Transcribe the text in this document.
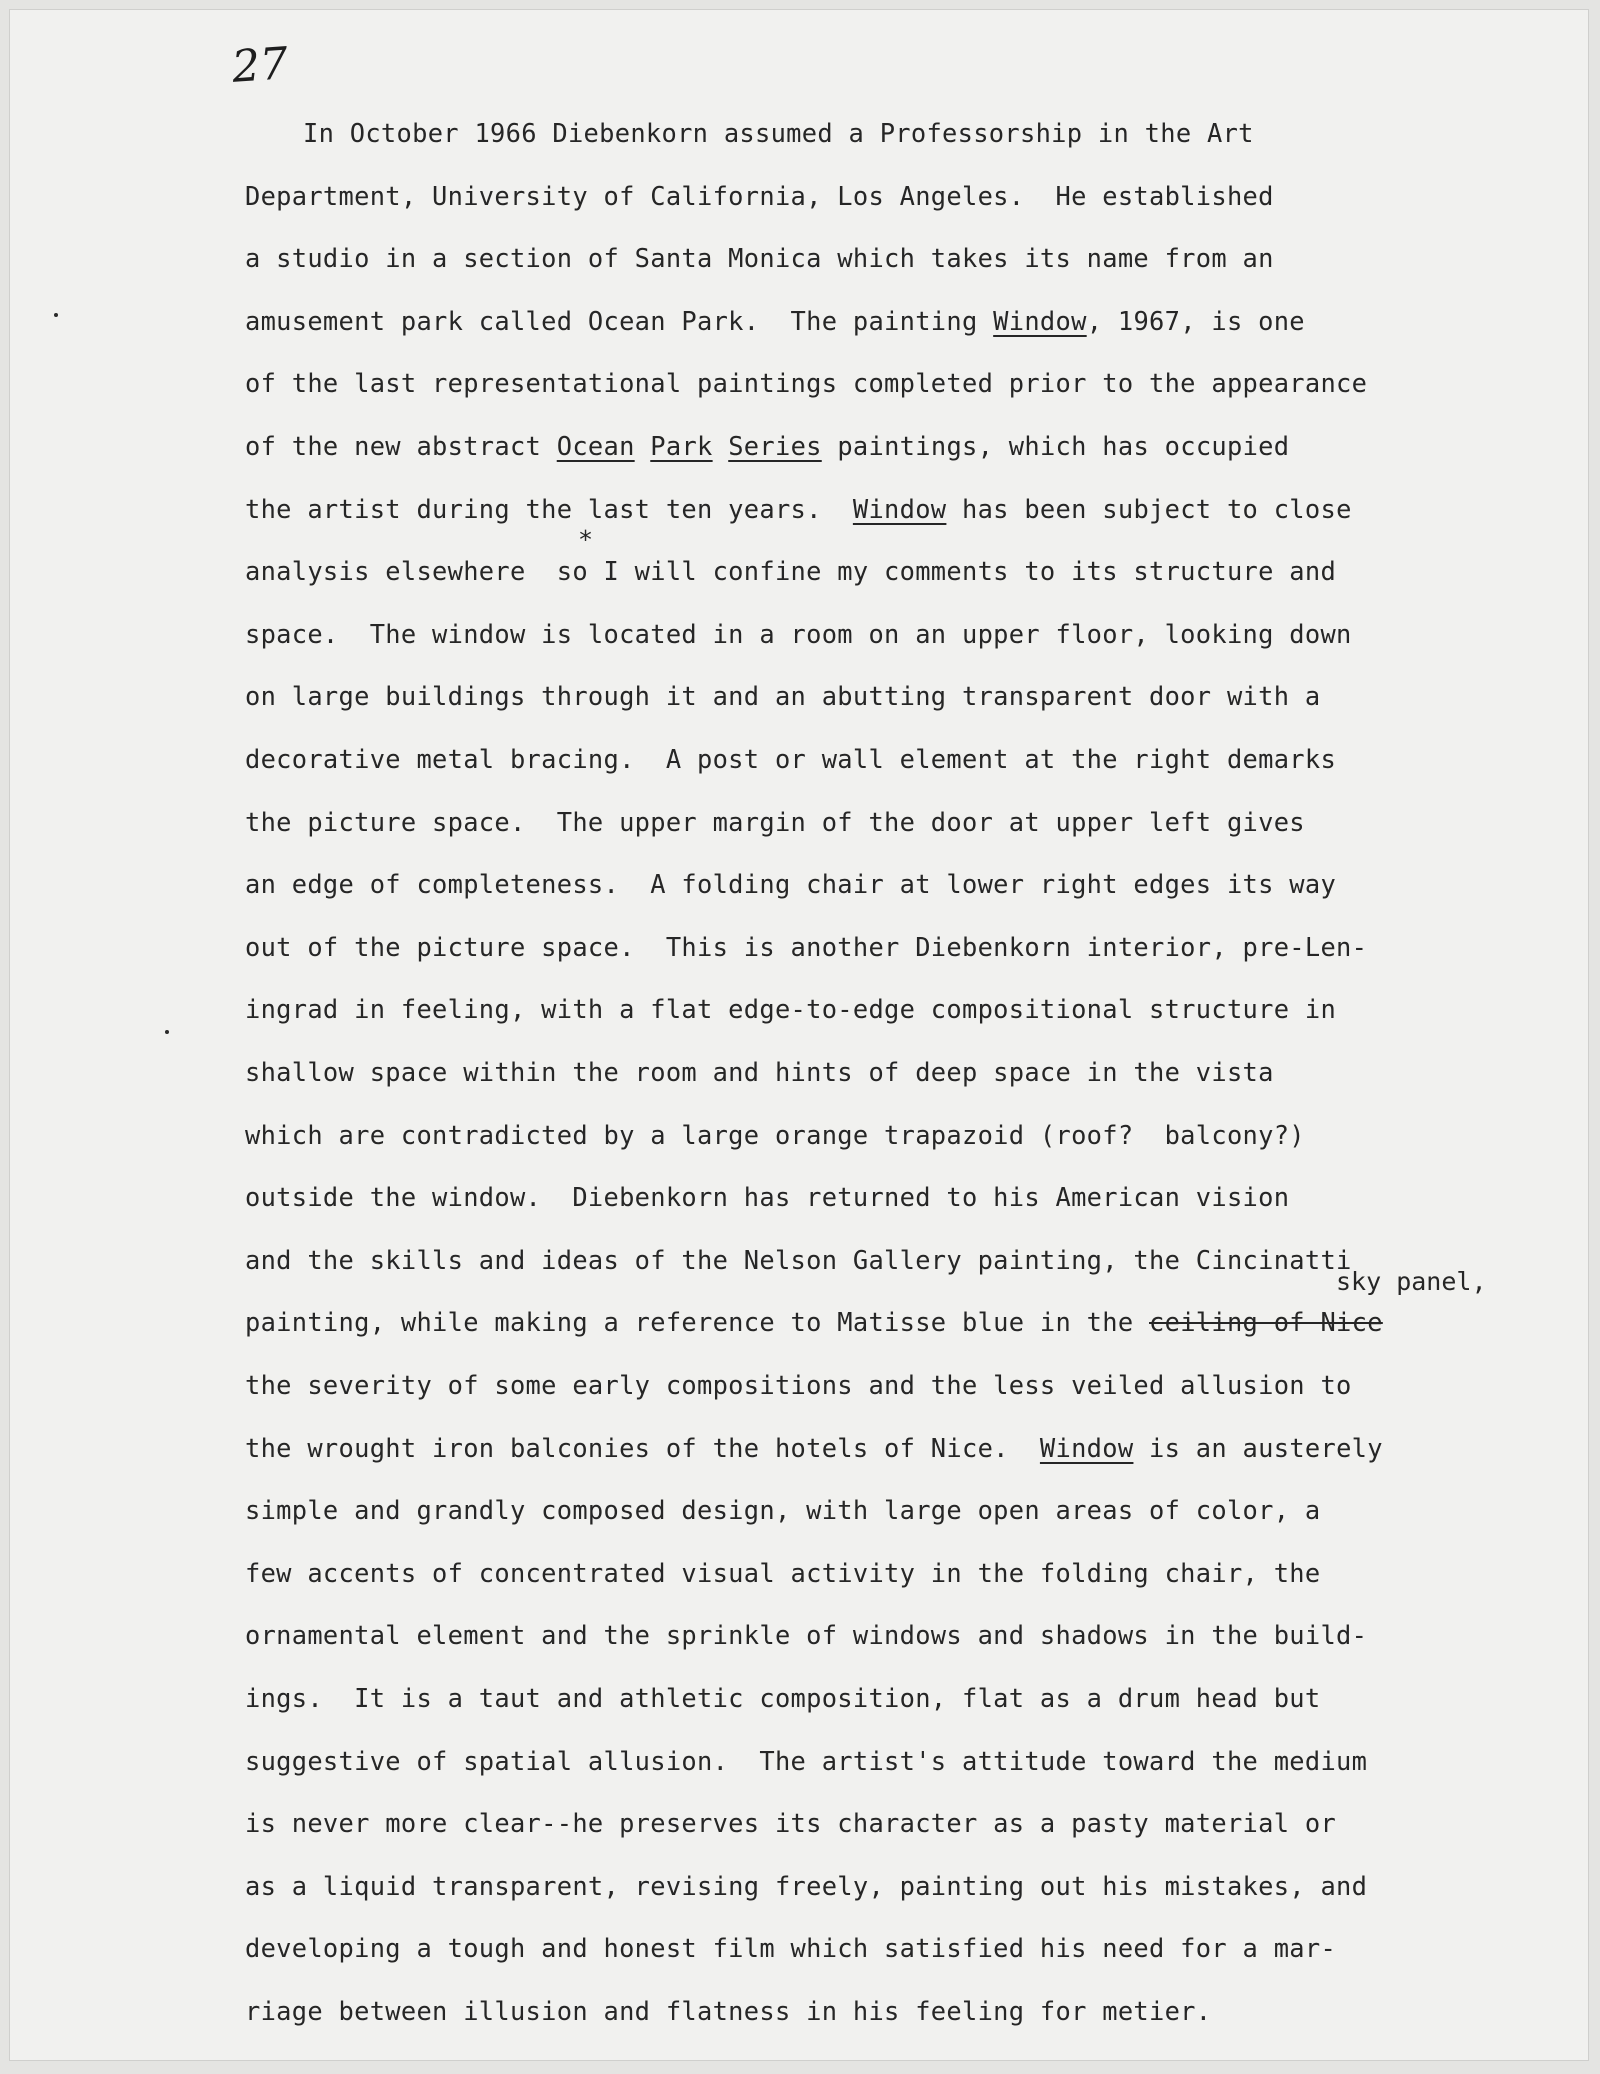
27
In October 1966 Diebenkorn assumed a Professorship in the Art
Department, University of California, Los Angeles.  He established
a studio in a section of Santa Monica which takes its name from an
amusement park called Ocean Park.  The painting Window, 1967, is one
of the last representational paintings completed prior to the appearance
of the new abstract Ocean Park Series paintings, which has occupied
the artist during the last ten years.  Window has been subject to close
analysis elsewhere  so I will confine my comments to its structure and
space.  The window is located in a room on an upper floor, looking down
on large buildings through it and an abutting transparent door with a
decorative metal bracing.  A post or wall element at the right demarks
the picture space.  The upper margin of the door at upper left gives
an edge of completeness.  A folding chair at lower right edges its way
out of the picture space.  This is another Diebenkorn interior, pre-Len-
ingrad in feeling, with a flat edge-to-edge compositional structure in
shallow space within the room and hints of deep space in the vista
which are contradicted by a large orange trapazoid (roof?  balcony?)
outside the window.  Diebenkorn has returned to his American vision
and the skills and ideas of the Nelson Gallery painting, the Cincinatti
painting, while making a reference to Matisse blue in the ceiling of Nice
the severity of some early compositions and the less veiled allusion to
the wrought iron balconies of the hotels of Nice.  Window is an austerely
simple and grandly composed design, with large open areas of color, a
few accents of concentrated visual activity in the folding chair, the
ornamental element and the sprinkle of windows and shadows in the build-
ings.  It is a taut and athletic composition, flat as a drum head but
suggestive of spatial allusion.  The artist's attitude toward the medium
is never more clear--he preserves its character as a pasty material or
as a liquid transparent, revising freely, painting out his mistakes, and
developing a tough and honest film which satisfied his need for a mar-
riage between illusion and flatness in his feeling for metier.
*
sky panel,
